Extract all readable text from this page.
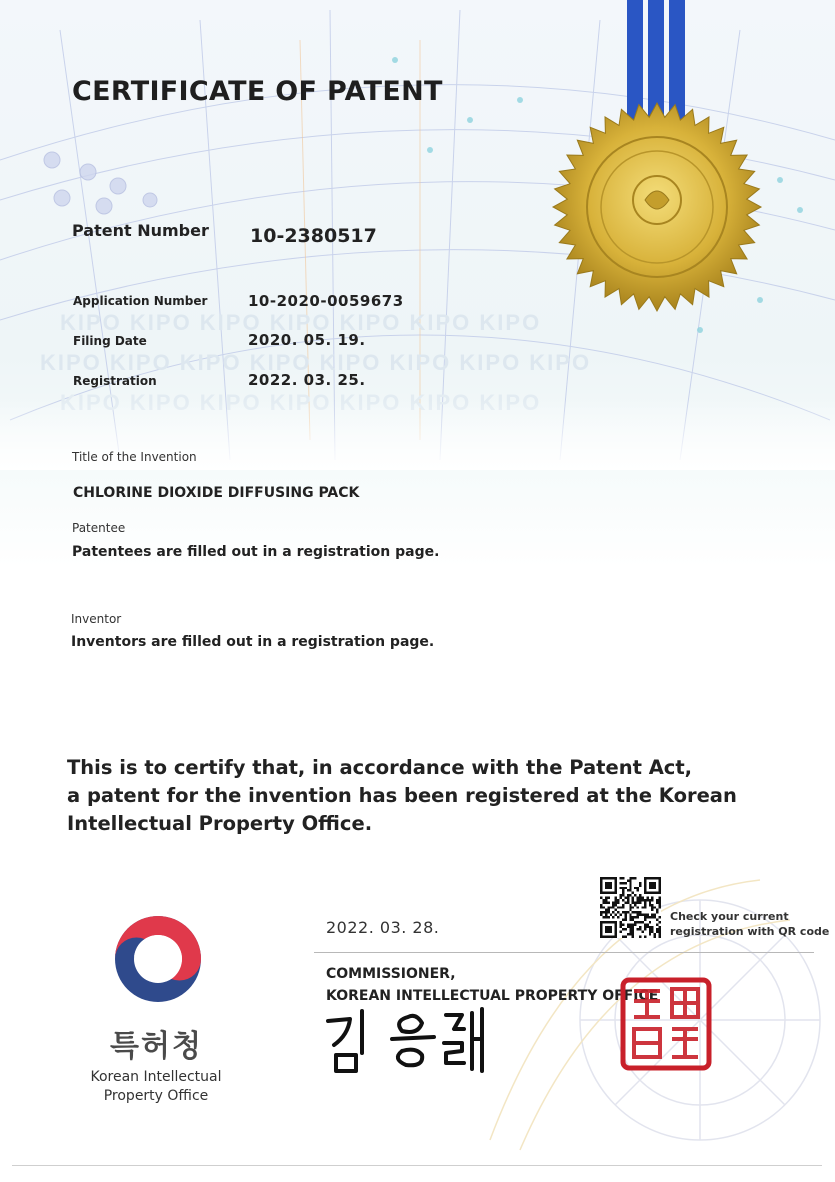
KIPO KIPO KIPO KIPO KIPO KIPO KIPO
KIPO KIPO KIPO KIPO KIPO KIPO KIPO KIPO
CERTIFICATE OF PATENT
Patent Number 10-2380517
Application Number	10-2020-0059673
Filing Date	2020. 05. 19.
Registration	2022. 03. 25.
Title of the Invention
CHLORINE DIOXIDE DIFFUSING PACK
Patentee
Patentees are filled out in a registration page.
Inventor
Inventors are filled out in a registration page.
This is to certify that, in accordance with the Patent Act,
a patent for the invention has been registered at the Korean Intellectual Property Office.
Check your current
registration with QR code
2022. 03. 28.
COMMISSIONER,
KOREAN INTELLECTUAL PROPERTY OFFICE
특허청
Korean Intellectual Property Office
